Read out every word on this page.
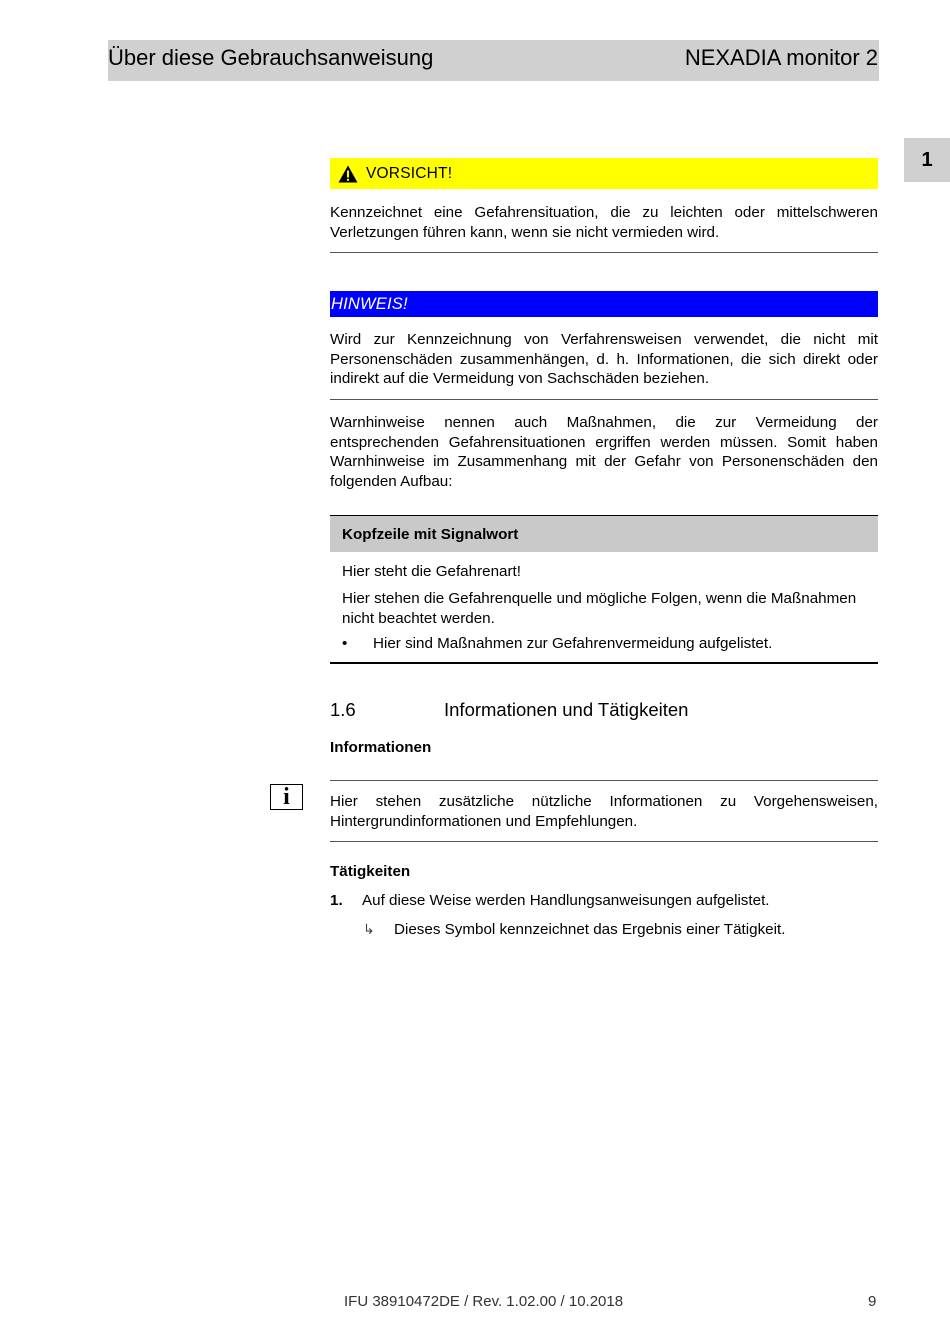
Über diese Gebrauchsanweisung	NEXADIA monitor 2
1
VORSICHT!

Kennzeichnet eine Gefahrensituation, die zu leichten oder mittelschweren Verletzungen führen kann, wenn sie nicht vermieden wird.

HINWEIS!

Wird zur Kennzeichnung von Verfahrensweisen verwendet, die nicht mit Personenschäden zusammenhängen, d. h. Informationen, die sich direkt oder indirekt auf die Vermeidung von Sachschäden beziehen.

Warnhinweise nennen auch Maßnahmen, die zur Vermeidung der entsprechenden Gefahrensituationen ergriffen werden müssen. Somit haben Warnhinweise im Zusammenhang mit der Gefahr von Personenschäden den folgenden Aufbau:

Kopfzeile mit Signalwort
Hier steht die Gefahrenart!
Hier stehen die Gefahrenquelle und mögliche Folgen, wenn die Maßnahmen nicht beachtet werden.
• Hier sind Maßnahmen zur Gefahrenvermeidung aufgelistet.
1.6	Informationen und Tätigkeiten
Informationen
i	Hier stehen zusätzliche nützliche Informationen zu Vorgehensweisen, Hintergrundinformationen und Empfehlungen.

Tätigkeiten
1. Auf diese Weise werden Handlungsanweisungen aufgelistet.
↳ Dieses Symbol kennzeichnet das Ergebnis einer Tätigkeit.
IFU 38910472DE / Rev. 1.02.00 / 10.2018	9
